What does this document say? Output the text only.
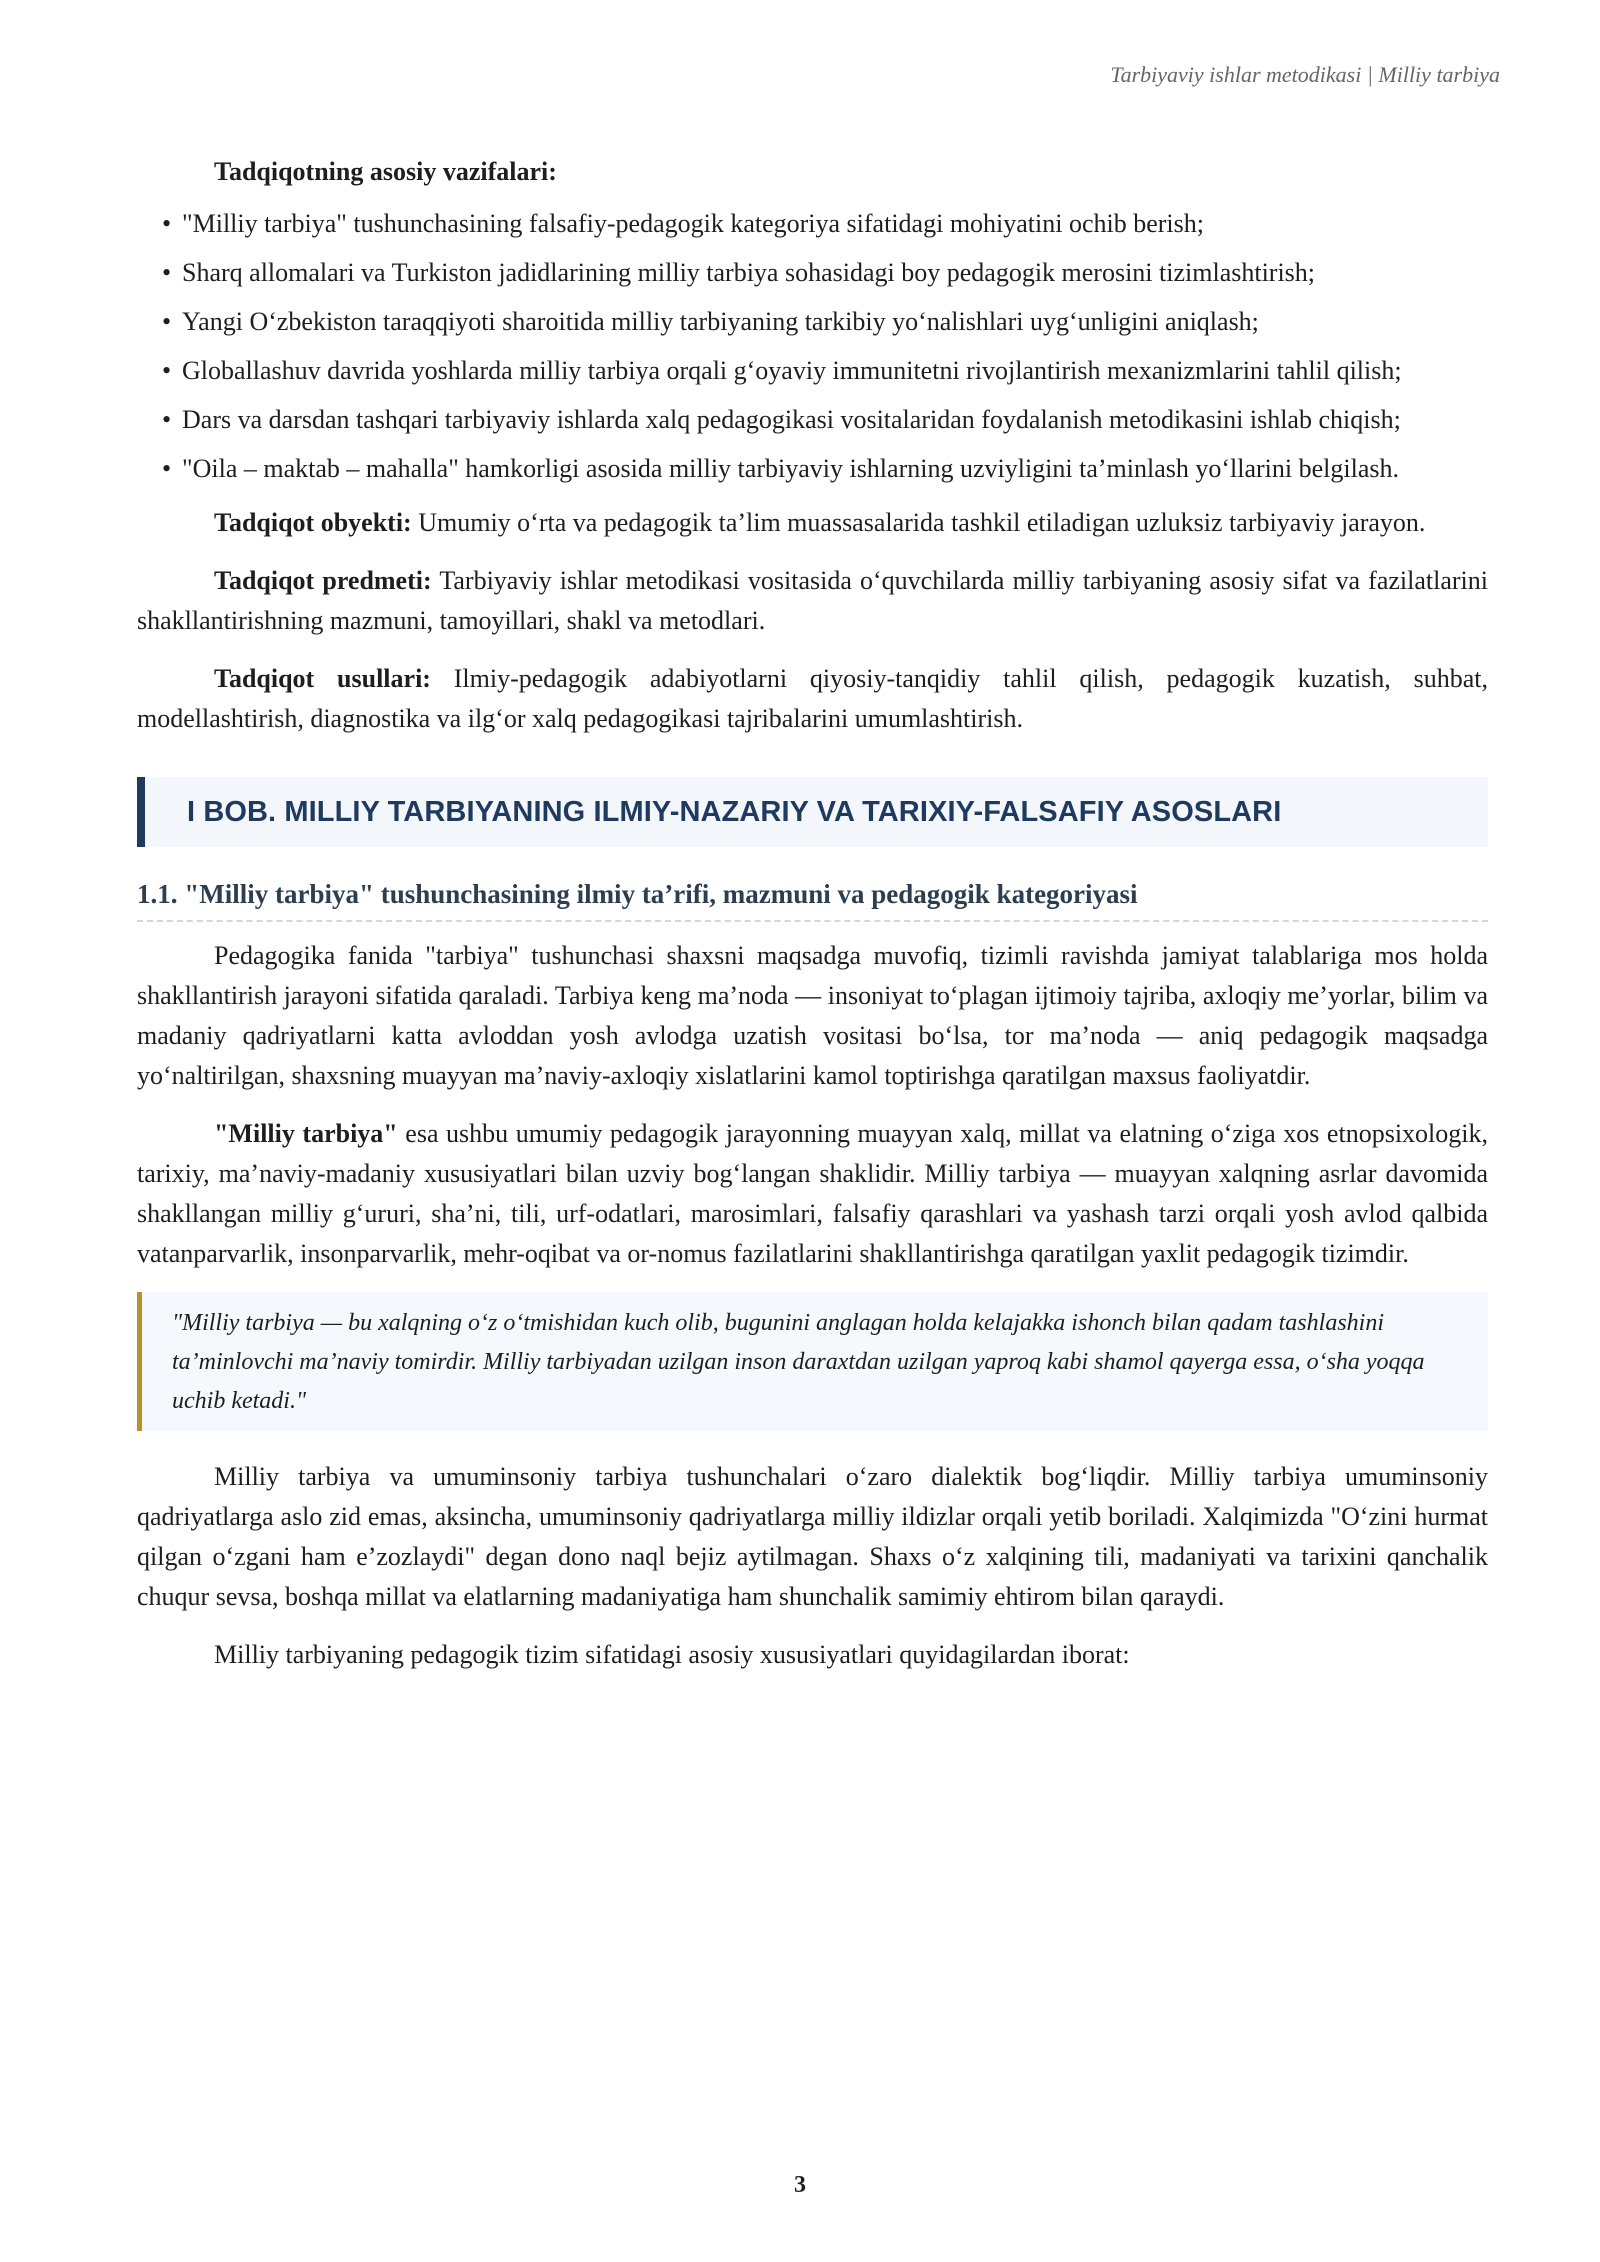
Tarbiyaviy ishlar metodikasi | Milliy tarbiya

Tadqiqotning asosiy vazifalari:

• "Milliy tarbiya" tushunchasining falsafiy-pedagogik kategoriya sifatidagi mohiyatini ochib berish;
• Sharq allomalari va Turkiston jadidlarining milliy tarbiya sohasidagi boy pedagogik merosini tizimlashtirish;
• Yangi O‘zbekiston taraqqiyoti sharoitida milliy tarbiyaning tarkibiy yo‘nalishlari uyg‘unligini aniqlash;
• Globallashuv davrida yoshlarda milliy tarbiya orqali g‘oyaviy immunitetni rivojlantirish mexanizmlarini tahlil qilish;
• Dars va darsdan tashqari tarbiyaviy ishlarda xalq pedagogikasi vositalaridan foydalanish metodikasini ishlab chiqish;
• "Oila – maktab – mahalla" hamkorligi asosida milliy tarbiyaviy ishlarning uzviyligini ta’minlash yo‘llarini belgilash.

Tadqiqot obyekti: Umumiy o‘rta va pedagogik ta’lim muassasalarida tashkil etiladigan uzluksiz tarbiyaviy jarayon.

Tadqiqot predmeti: Tarbiyaviy ishlar metodikasi vositasida o‘quvchilarda milliy tarbiyaning asosiy sifat va fazilatlarini shakllantirishning mazmuni, tamoyillari, shakl va metodlari.

Tadqiqot usullari: Ilmiy-pedagogik adabiyotlarni qiyosiy-tanqidiy tahlil qilish, pedagogik kuzatish, suhbat, modellashtirish, diagnostika va ilg‘or xalq pedagogikasi tajribalarini umumlashtirish.

I BOB. MILLIY TARBIYANING ILMIY-NAZARIY VA TARIXIY-FALSAFIY ASOSLARI
1.1. "Milliy tarbiya" tushunchasining ilmiy ta’rifi, mazmuni va pedagogik kategoriyasi

Pedagogika fanida "tarbiya" tushunchasi shaxsni maqsadga muvofiq, tizimli ravishda jamiyat talablariga mos holda shakllantirish jarayoni sifatida qaraladi. Tarbiya keng ma’noda — insoniyat to‘plagan ijtimoiy tajriba, axloqiy me’yorlar, bilim va madaniy qadriyatlarni katta avloddan yosh avlodga uzatish vositasi bo‘lsa, tor ma’noda — aniq pedagogik maqsadga yo‘naltirilgan, shaxsning muayyan ma’naviy-axloqiy xislatlarini kamol toptirishga qaratilgan maxsus faoliyatdir.

"Milliy tarbiya" esa ushbu umumiy pedagogik jarayonning muayyan xalq, millat va elatning o‘ziga xos etnopsixologik, tarixiy, ma’naviy-madaniy xususiyatlari bilan uzviy bog‘langan shaklidir. Milliy tarbiya — muayyan xalqning asrlar davomida shakllangan milliy g‘ururi, sha’ni, tili, urf-odatlari, marosimlari, falsafiy qarashlari va yashash tarzi orqali yosh avlod qalbida vatanparvarlik, insonparvarlik, mehr-oqibat va or-nomus fazilatlarini shakllantirishga qaratilgan yaxlit pedagogik tizimdir.

"Milliy tarbiya — bu xalqning o‘z o‘tmishidan kuch olib, bugunini anglagan holda kelajakka ishonch bilan qadam tashlashini ta’minlovchi ma’naviy tomirdir. Milliy tarbiyadan uzilgan inson daraxtdan uzilgan yaproq kabi shamol qayerga essa, o‘sha yoqqa uchib ketadi."

Milliy tarbiya va umuminsoniy tarbiya tushunchalari o‘zaro dialektik bog‘liqdir. Milliy tarbiya umuminsoniy qadriyatlarga aslo zid emas, aksincha, umuminsoniy qadriyatlarga milliy ildizlar orqali yetib boriladi. Xalqimizda "O‘zini hurmat qilgan o‘zgani ham e’zozlaydi" degan dono naql bejiz aytilmagan. Shaxs o‘z xalqining tili, madaniyati va tarixini qanchalik chuqur sevsa, boshqa millat va elatlarning madaniyatiga ham shunchalik samimiy ehtirom bilan qaraydi.

Milliy tarbiyaning pedagogik tizim sifatidagi asosiy xususiyatlari quyidagilardan iborat:

3
